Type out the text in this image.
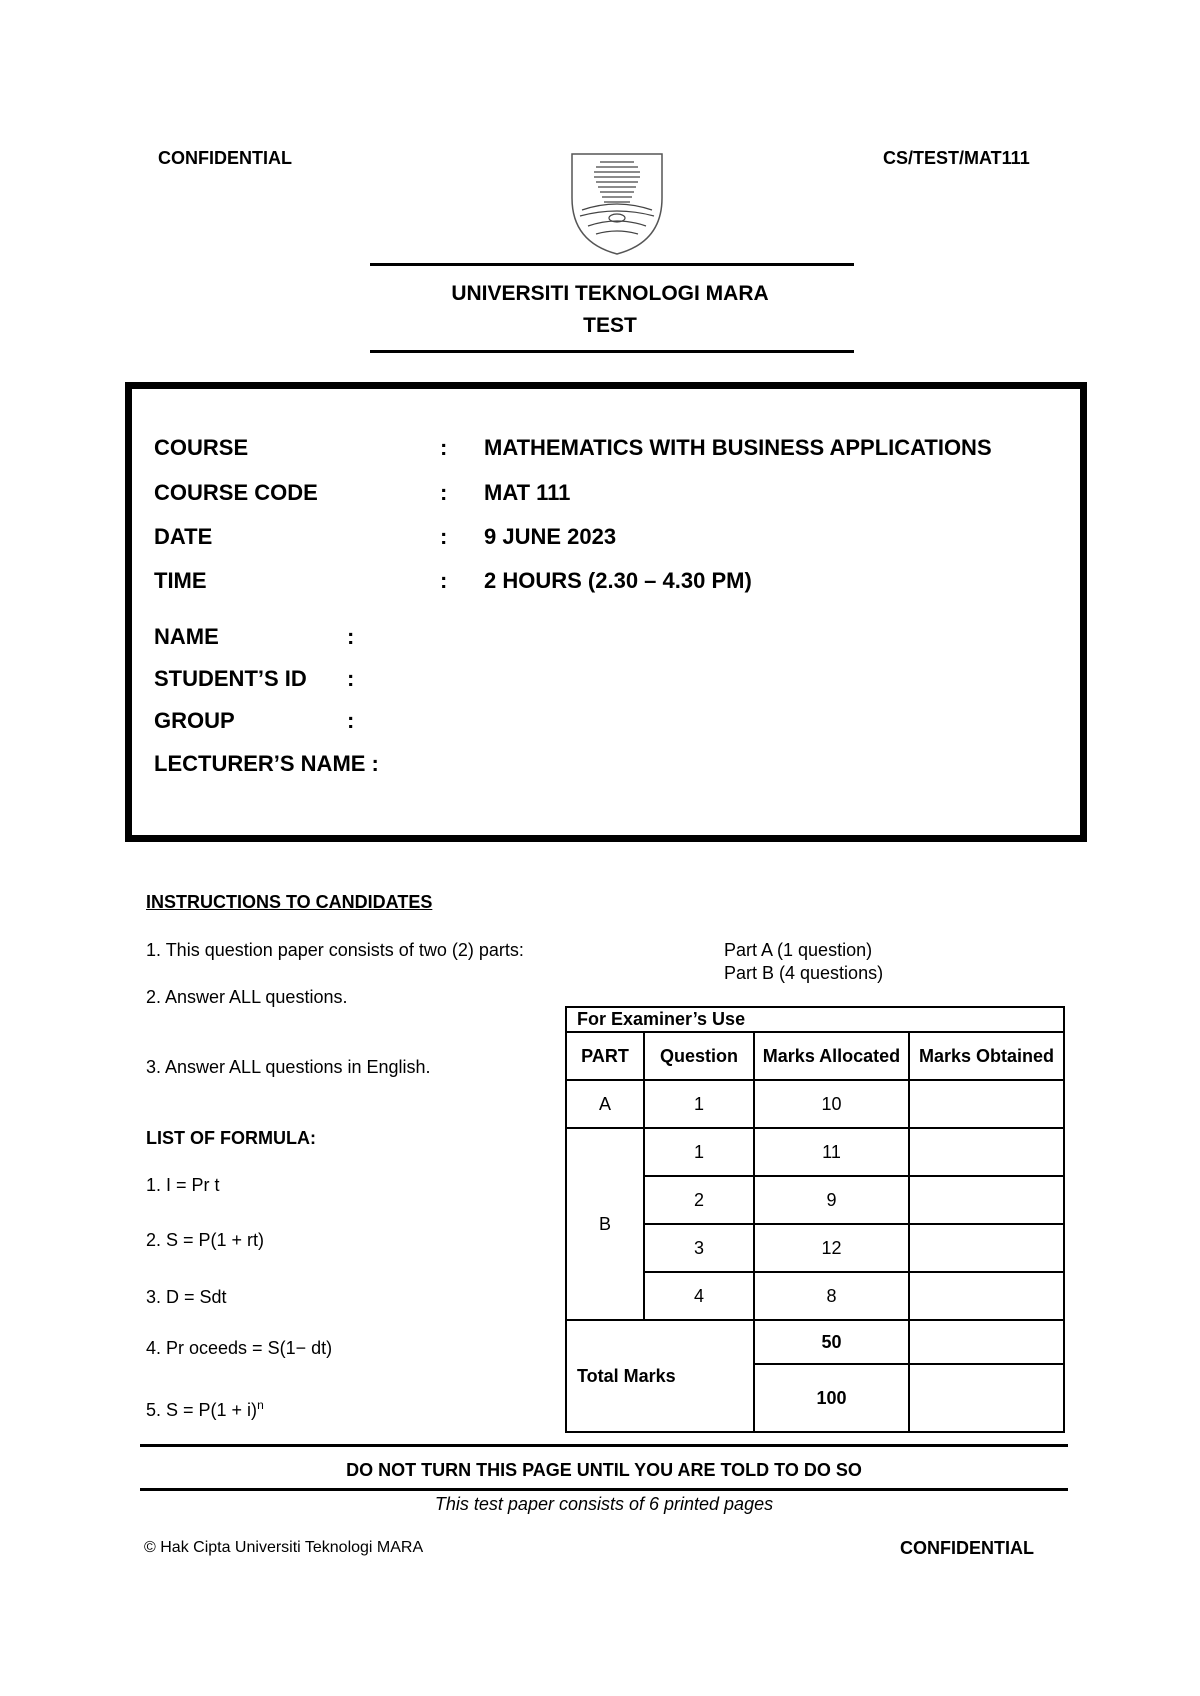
CONFIDENTIAL	CS/TEST/MAT111
UNIVERSITI TEKNOLOGI MARA
TEST
COURSE	: MATHEMATICS WITH BUSINESS APPLICATIONS
COURSE CODE	: MAT 111
DATE	: 9 JUNE 2023
TIME	: 2 HOURS (2.30 – 4.30 PM)
NAME	:
STUDENT’S ID :
GROUP	:
LECTURER’S NAME :
INSTRUCTIONS TO CANDIDATES
1. This question paper consists of two (2) parts:	Part A (1 question)
Part B (4 questions)
2. Answer ALL questions.
3. Answer ALL questions in English.
LIST OF FORMULA:
1. I = Pr t
2. S = P(1 + rt)
3. D = Sdt
4. Pr oceeds = S(1− dt)
5. $S = P(1 + i)^n$
For Examiner’s Use			
PART	Question	Marks Allocated	Marks Obtained
A	1	10	
B	1	11	
	2	9	
	3	12	
	4	8	
Total Marks		50	
		100	
DO NOT TURN THIS PAGE UNTIL YOU ARE TOLD TO DO SO
This test paper consists of 6 printed pages
© Hak Cipta Universiti Teknologi MARA	CONFIDENTIAL
